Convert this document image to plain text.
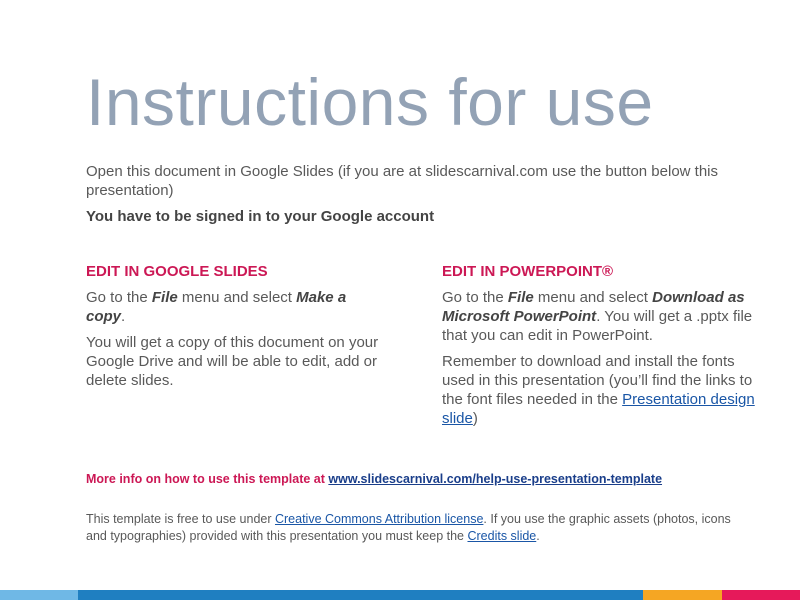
Instructions for use

Open this document in Google Slides (if you are at slidescarnival.com use the button below this presentation)

You have to be signed in to your Google account

EDIT IN GOOGLE SLIDES

Go to the File menu and select Make a copy.

You will get a copy of this document on your Google Drive and will be able to edit, add or delete slides.

EDIT IN POWERPOINT®

Go to the File menu and select Download as Microsoft PowerPoint. You will get a .pptx file that you can edit in PowerPoint.

Remember to download and install the fonts used in this presentation (you’ll find the links to the font files needed in the Presentation design slide)

More info on how to use this template at www.slidescarnival.com/help-use-presentation-template
This template is free to use under Creative Commons Attribution license. If you use the graphic assets (photos, icons and typographies) provided with this presentation you must keep the Credits slide.
